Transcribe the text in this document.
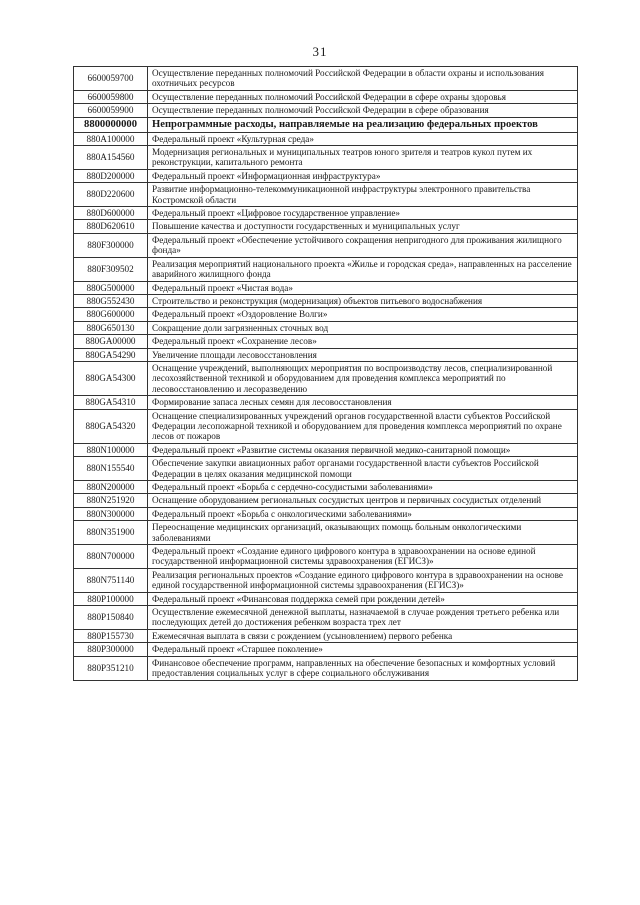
31
6600059700	Осуществление переданных полномочий Российской Федерации в области охраны и использования охотничьих ресурсов
6600059800	Осуществление переданных полномочий Российской Федерации в сфере охраны здоровья
6600059900	Осуществление переданных полномочий Российской Федерации в сфере образования
8800000000	Непрограммные расходы, направляемые на реализацию федеральных проектов
880A100000	Федеральный проект «Культурная среда»
880A154560	Модернизация региональных и муниципальных театров юного зрителя и театров кукол путем их реконструкции, капитального ремонта
880D200000	Федеральный проект «Информационная инфраструктура»
880D220600	Развитие информационно-телекоммуникационной инфраструктуры электронного правительства Костромской области
880D600000	Федеральный проект «Цифровое государственное управление»
880D620610	Повышение качества и доступности государственных и муниципальных услуг
880F300000	Федеральный проект «Обеспечение устойчивого сокращения непригодного для проживания жилищного фонда»
880F309502	Реализация мероприятий национального проекта «Жилье и городская среда», направленных на расселение аварийного жилищного фонда
880G500000	Федеральный проект «Чистая вода»
880G552430	Строительство и реконструкция (модернизация) объектов питьевого водоснабжения
880G600000	Федеральный проект «Оздоровление Волги»
880G650130	Сокращение доли загрязненных сточных вод
880GA00000	Федеральный проект «Сохранение лесов»
880GA54290	Увеличение площади лесовосстановления
880GA54300	Оснащение учреждений, выполняющих мероприятия по воспроизводству лесов, специализированной лесохозяйственной техникой и оборудованием для проведения комплекса мероприятий по лесовосстановлению и лесоразведению
880GA54310	Формирование запаса лесных семян для лесовосстановления
880GA54320	Оснащение специализированных учреждений органов государственной власти субъектов Российской Федерации лесопожарной техникой и оборудованием для проведения комплекса мероприятий по охране лесов от пожаров
880N100000	Федеральный проект «Развитие системы оказания первичной медико-санитарной помощи»
880N155540	Обеспечение закупки авиационных работ органами государственной власти субъектов Российской Федерации в целях оказания медицинской помощи
880N200000	Федеральный проект «Борьба с сердечно-сосудистыми заболеваниями»
880N251920	Оснащение оборудованием региональных сосудистых центров и первичных сосудистых отделений
880N300000	Федеральный проект «Борьба с онкологическими заболеваниями»
880N351900	Переоснащение медицинских организаций, оказывающих помощь больным онкологическими заболеваниями
880N700000	Федеральный проект «Создание единого цифрового контура в здравоохранении на основе единой государственной информационной системы здравоохранения (ЕГИСЗ)»
880N751140	Реализация региональных проектов «Создание единого цифрового контура в здравоохранении на основе единой государственной информационной системы здравоохранения (ЕГИСЗ)»
880P100000	Федеральный проект «Финансовая поддержка семей при рождении детей»
880P150840	Осуществление ежемесячной денежной выплаты, назначаемой в случае рождения третьего ребенка или последующих детей до достижения ребенком возраста трех лет
880P155730	Ежемесячная выплата в связи с рождением (усыновлением) первого ребенка
880P300000	Федеральный проект «Старшее поколение»
880P351210	Финансовое обеспечение программ, направленных на обеспечение безопасных и комфортных условий предоставления социальных услуг в сфере социального обслуживания
